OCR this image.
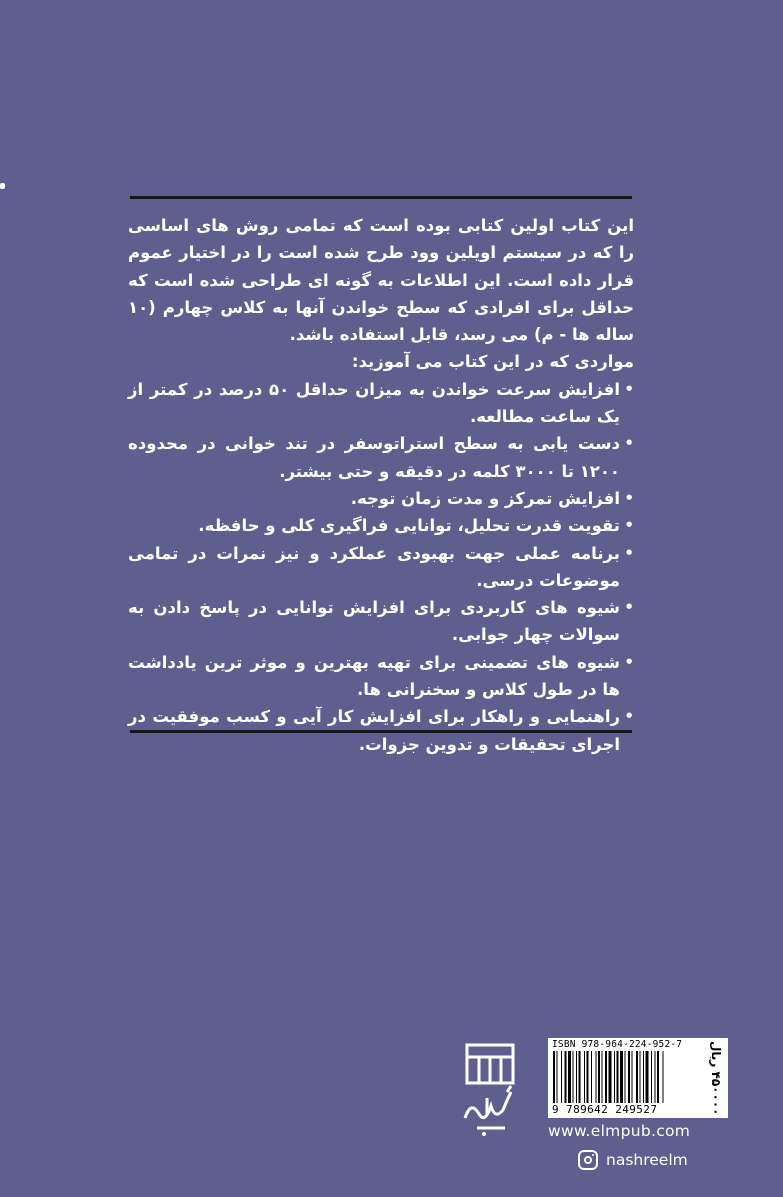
این کتاب اولین کتابی بوده است که تمامی روش های اساسی را که در سیستم اویلین وود طرح شده است را در اختیار عموم قرار داده است. این اطلاعات به گونه ای طراحی شده است که حداقل برای افرادی که سطح خواندن آنها به کلاس چهارم (۱۰ ساله ها - م) می رسد، قابل استفاده باشد.

مواردی که در این کتاب می آموزید:

• افزایش سرعت خواندن به میزان حداقل ۵۰ درصد در کمتر از یک ساعت مطالعه.
• دست یابی به سطح استراتوسفر در تند خوانی در محدوده ۱۲۰۰ تا ۳۰۰۰ کلمه در دقیقه و حتی بیشتر.
• افزایش تمرکز و مدت زمان توجه.
• تقویت قدرت تحلیل، توانایی فراگیری کلی و حافظه.
• برنامه عملی جهت بهبودی عملکرد و نیز نمرات در تمامی موضوعات درسی.
• شیوه های کاربردی برای افزایش توانایی در پاسخ دادن به سوالات چهار جوابی.
• شیوه های تضمینی برای تهیه بهترین و موثر ترین یادداشت ها در طول کلاس و سخنرانی ها.
• راهنمایی و راهکار برای افزایش کار آیی و کسب موفقیت در اجرای تحقیقات و تدوین جزوات.
ISBN 978-964-224-952-7
9 789642 249527
۴۵۰۰۰۰ ریال
www.elmpub.com
nashreelm
